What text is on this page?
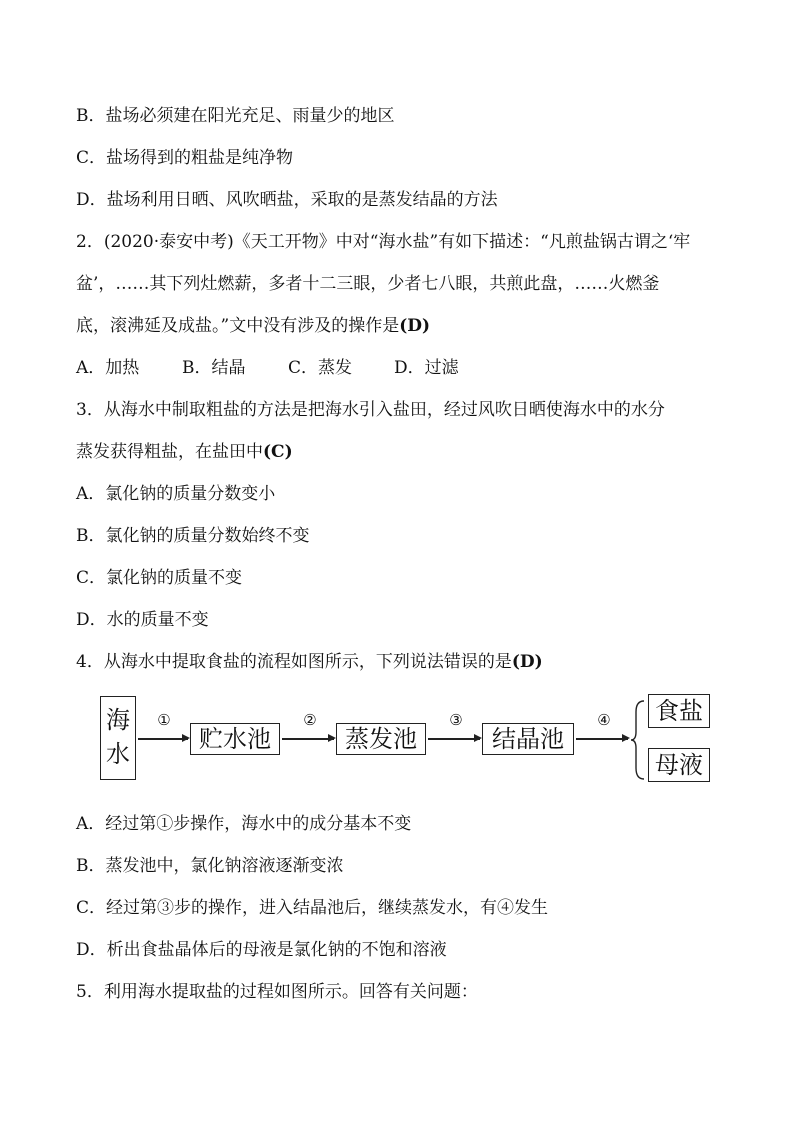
B．盐场必须建在阳光充足、雨量少的地区
C．盐场得到的粗盐是纯净物
D．盐场利用日晒、风吹晒盐，采取的是蒸发结晶的方法
2．(2020·泰安中考)《天工开物》中对“海水盐”有如下描述：“凡煎盐锅古谓之‘牢
盆’，……其下列灶燃薪，多者十二三眼，少者七八眼，共煎此盘，……火燃釜
底，滚沸延及成盐。”文中没有涉及的操作是(D)
A．加热	B．结晶	C．蒸发 D．过滤
3．从海水中制取粗盐的方法是把海水引入盐田，经过风吹日晒使海水中的水分
蒸发获得粗盐，在盐田中(C)
A．氯化钠的质量分数变小
B．氯化钠的质量分数始终不变
C．氯化钠的质量不变
D．水的质量不变
4．从海水中提取食盐的流程如图所示，下列说法错误的是(D)
海
水
①
贮水池
②
蒸发池
③
结晶池
④ 食盐
母液
A．经过第①步操作，海水中的成分基本不变
B．蒸发池中，氯化钠溶液逐渐变浓
C．经过第③步的操作，进入结晶池后，继续蒸发水，有④发生
D．析出食盐晶体后的母液是氯化钠的不饱和溶液
5．利用海水提取盐的过程如图所示。回答有关问题：
